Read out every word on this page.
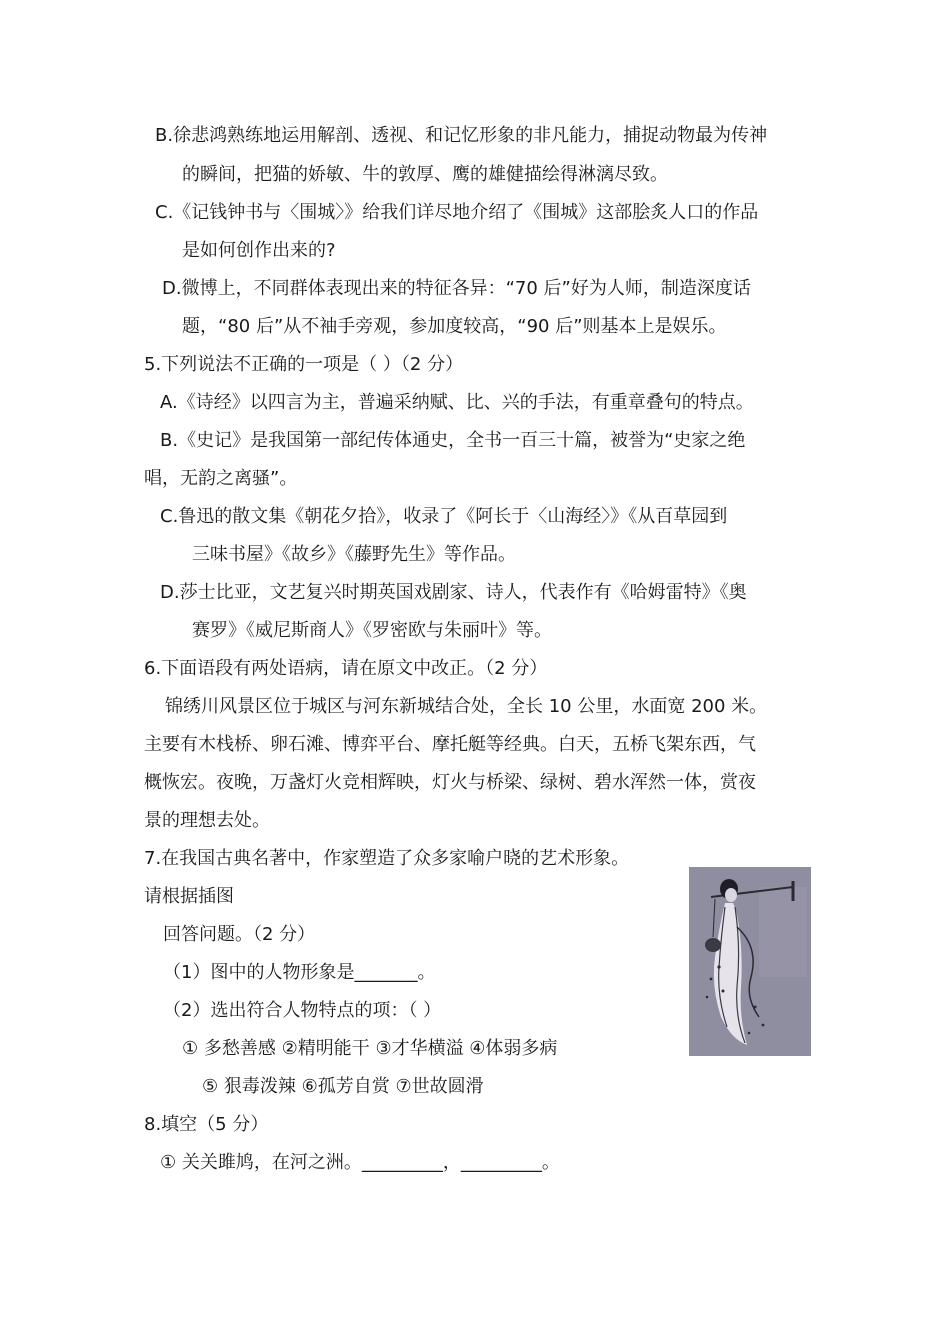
B.徐悲鸿熟练地运用解剖、透视、和记忆形象的非凡能力，捕捉动物最为传神
的瞬间，把猫的娇敏、牛的敦厚、鹰的雄健描绘得淋漓尽致。
C.《记钱钟书与〈围城〉》给我们详尽地介绍了《围城》这部脍炙人口的作品
是如何创作出来的?
D.微博上，不同群体表现出来的特征各异：“70 后”好为人师，制造深度话
题，“80 后”从不袖手旁观，参加度较高，“90 后”则基本上是娱乐。
5.下列说法不正确的一项是（ ）（2 分）
A.《诗经》以四言为主，普遍采纳赋、比、兴的手法，有重章叠句的特点。
B.《史记》是我国第一部纪传体通史，全书一百三十篇，被誉为“史家之绝
唱，无韵之离骚”。
C.鲁迅的散文集《朝花夕拾》，收录了《阿长于〈山海经〉》《从百草园到
三味书屋》《故乡》《藤野先生》等作品。
D.莎士比亚，文艺复兴时期英国戏剧家、诗人，代表作有《哈姆雷特》《奥
赛罗》《威尼斯商人》《罗密欧与朱丽叶》等。
6.下面语段有两处语病，请在原文中改正。（2 分）
锦绣川风景区位于城区与河东新城结合处，全长 10 公里，水面宽 200 米。
主要有木栈桥、卵石滩、博弈平台、摩托艇等经典。白天，五桥飞架东西，气
概恢宏。夜晚，万盏灯火竞相辉映，灯火与桥梁、绿树、碧水浑然一体，赏夜
景的理想去处。
7.在我国古典名著中，作家塑造了众多家喻户晓的艺术形象。
请根据插图
回答问题。（2 分）
（1）图中的人物形象是_______。
（2）选出符合人物特点的项：（ ）
① 多愁善感 ②精明能干 ③才华横溢 ④体弱多病
⑤ 狠毒泼辣 ⑥孤芳自赏 ⑦世故圆滑
8.填空（5 分）
① 关关雎鸠，在河之洲。_________，_________。
